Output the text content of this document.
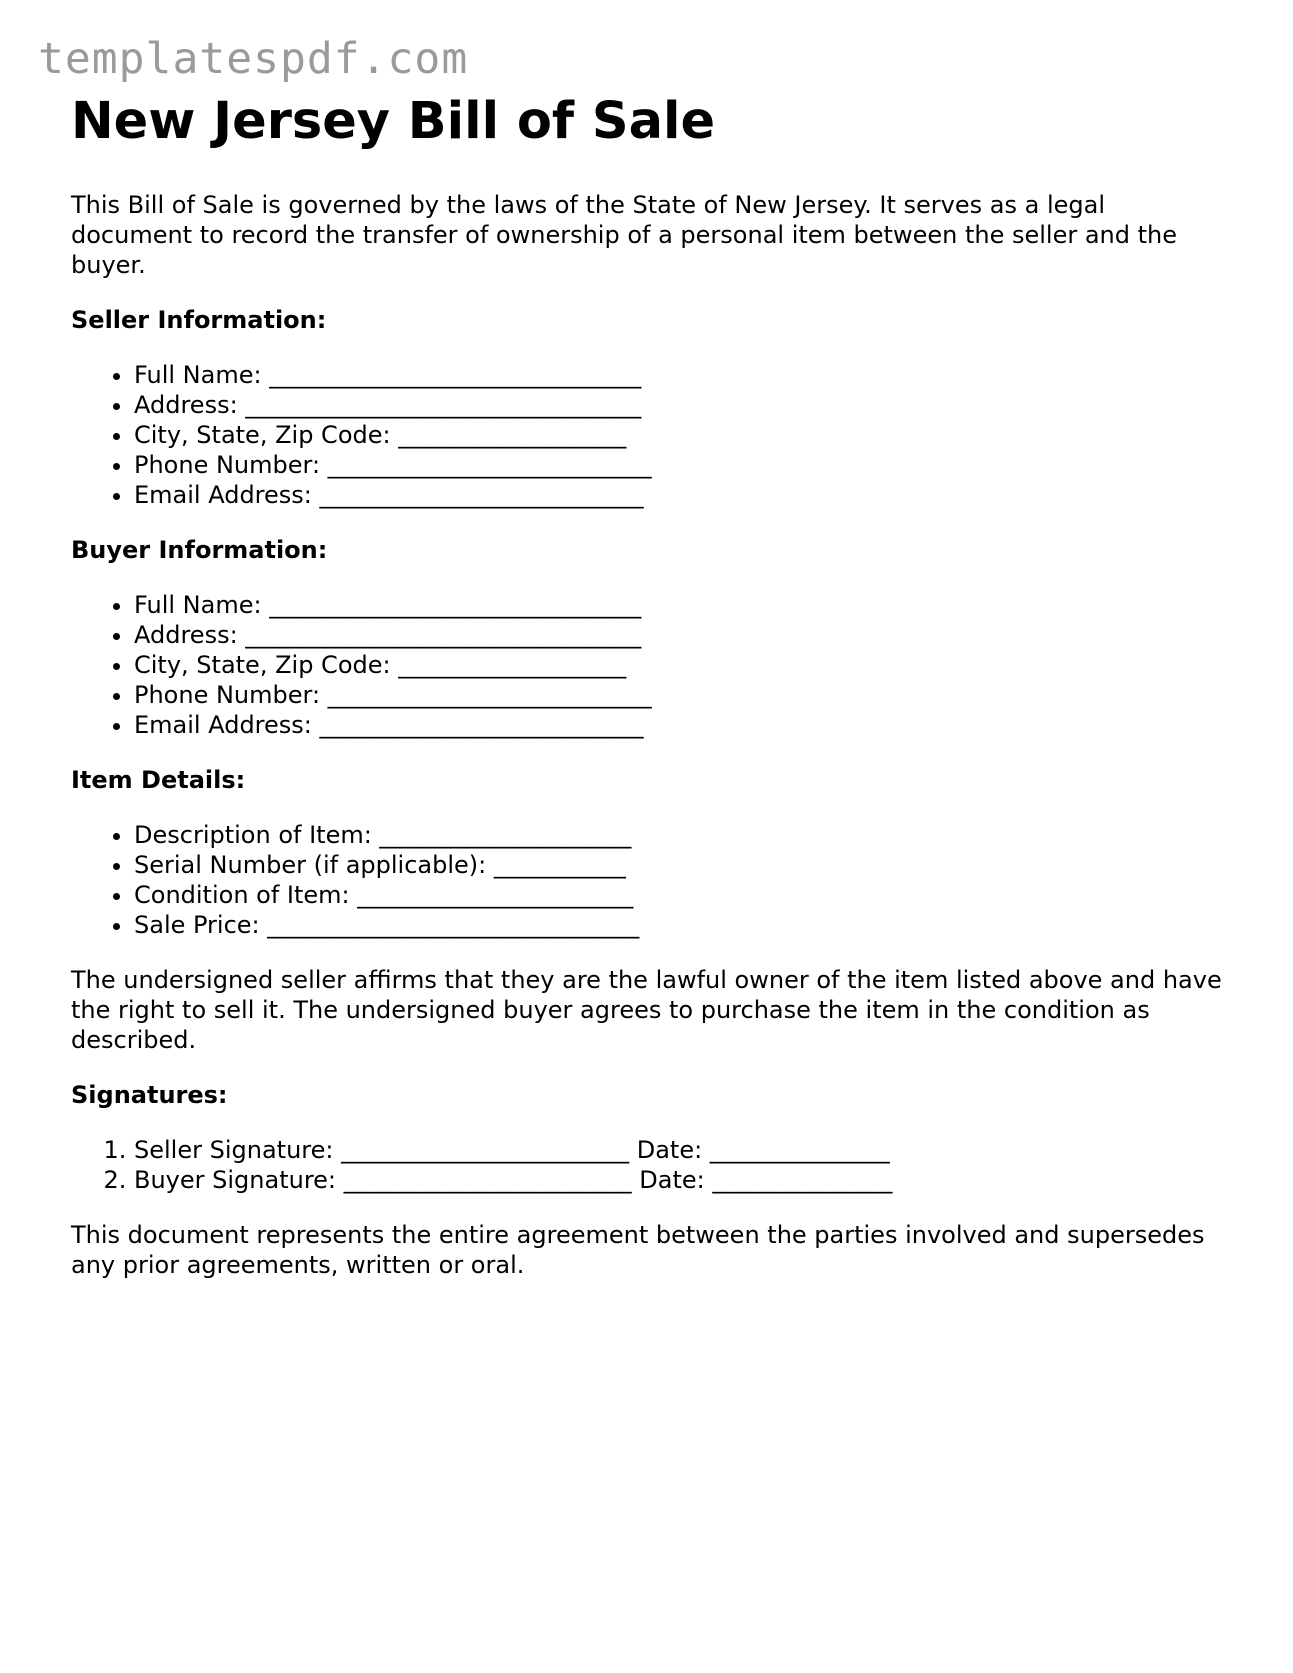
templatespdf.com
New Jersey Bill of Sale

This Bill of Sale is governed by the laws of the State of New Jersey. It serves as a legal document to record the transfer of ownership of a personal item between the seller and the buyer.

Seller Information:
• Full Name: _______________________________
• Address: _________________________________
• City, State, Zip Code: ___________________
• Phone Number: ___________________________
• Email Address: ___________________________
Buyer Information:
• Full Name: _______________________________
• Address: _________________________________
• City, State, Zip Code: ___________________
• Phone Number: ___________________________
• Email Address: ___________________________
Item Details:
• Description of Item: _____________________
• Serial Number (if applicable): ___________
• Condition of Item: _______________________
• Sale Price: _______________________________

The undersigned seller affirms that they are the lawful owner of the item listed above and have the right to sell it. The undersigned buyer agrees to purchase the item in the condition as described.

Signatures:
1. Seller Signature: ________________________ Date: _______________
2. Buyer Signature: ________________________ Date: _______________

This document represents the entire agreement between the parties involved and supersedes any prior agreements, written or oral.
